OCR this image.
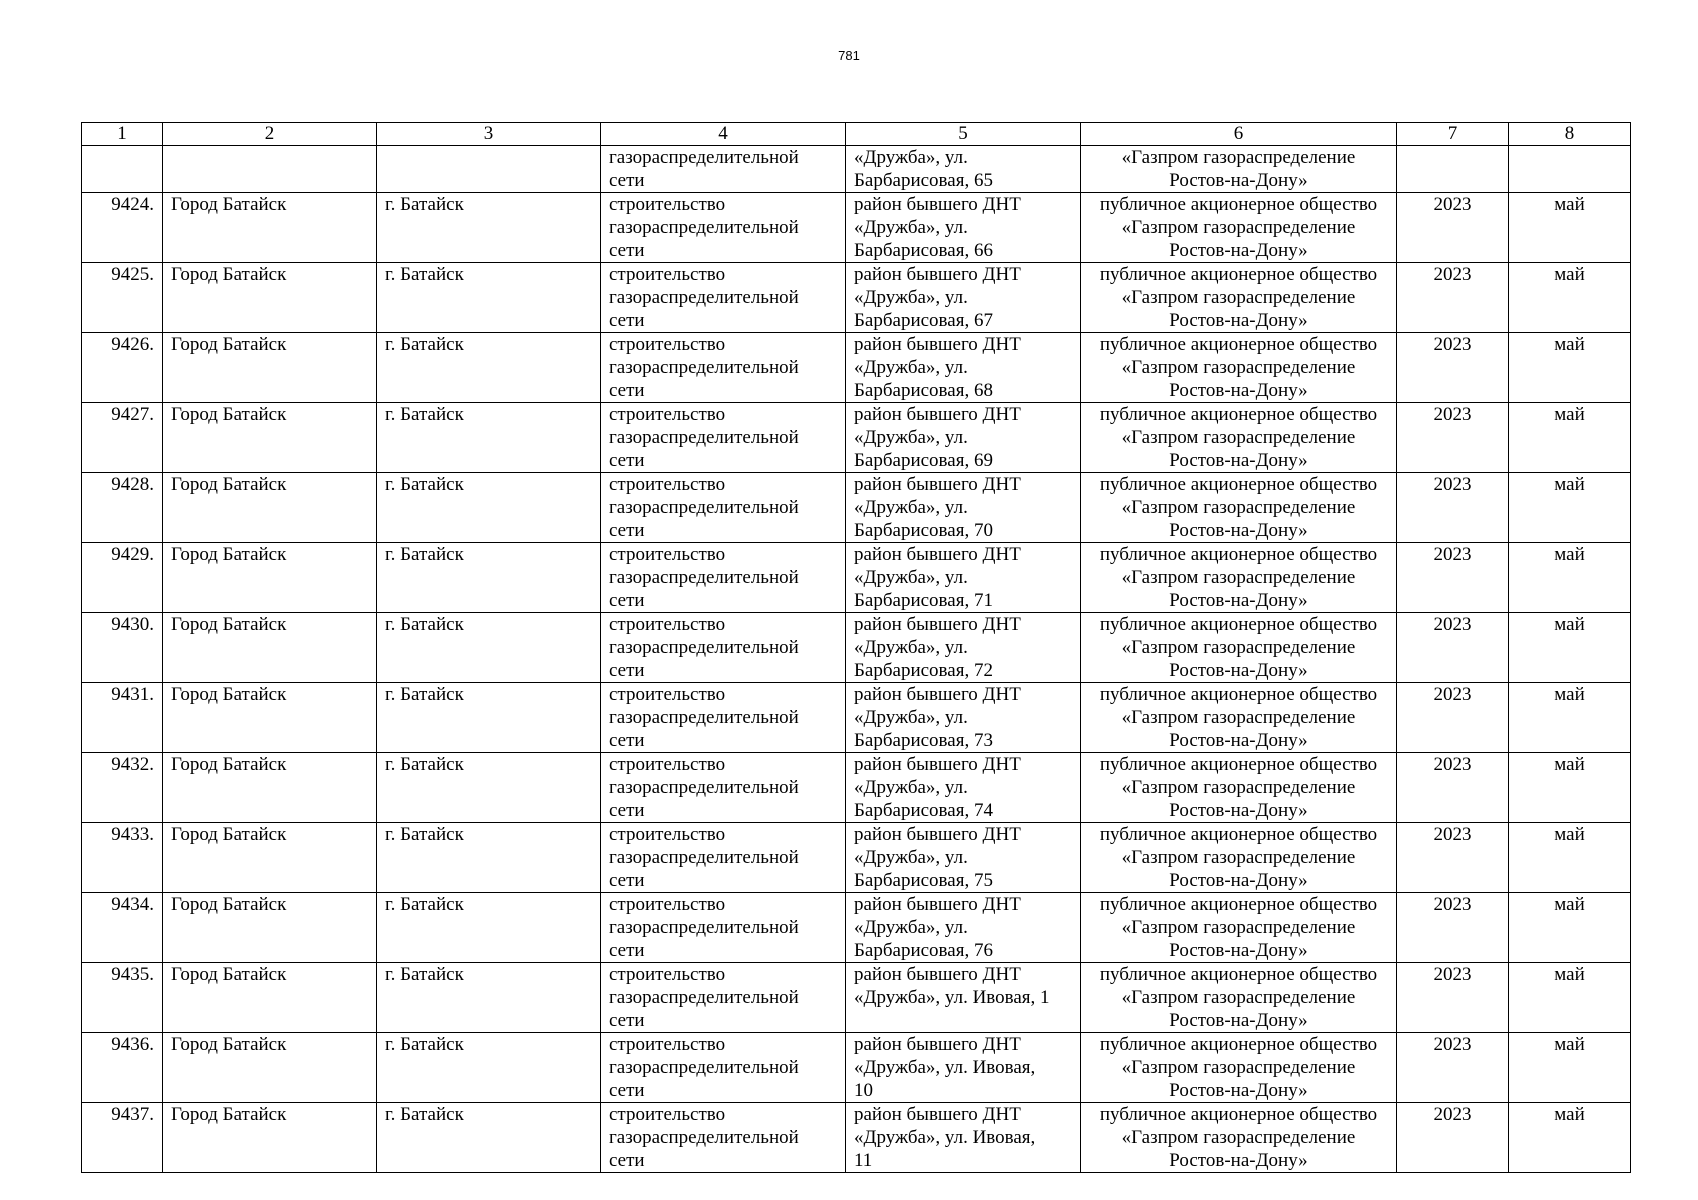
781
1	2	3	4	5	6	7	8
			газораспределительной
сети	«Дружба», ул.
Барбарисовая, 65	«Газпром газораспределение
Ростов-на-Дону»		
9424.	Город Батайск	г. Батайск	строительство
газораспределительной
сети	район бывшего ДНТ
«Дружба», ул.
Барбарисовая, 66	публичное акционерное общество
«Газпром газораспределение
Ростов-на-Дону»	2023	май
9425.	Город Батайск	г. Батайск	строительство
газораспределительной
сети	район бывшего ДНТ
«Дружба», ул.
Барбарисовая, 67	публичное акционерное общество
«Газпром газораспределение
Ростов-на-Дону»	2023	май
9426.	Город Батайск	г. Батайск	строительство
газораспределительной
сети	район бывшего ДНТ
«Дружба», ул.
Барбарисовая, 68	публичное акционерное общество
«Газпром газораспределение
Ростов-на-Дону»	2023	май
9427.	Город Батайск	г. Батайск	строительство
газораспределительной
сети	район бывшего ДНТ
«Дружба», ул.
Барбарисовая, 69	публичное акционерное общество
«Газпром газораспределение
Ростов-на-Дону»	2023	май
9428.	Город Батайск	г. Батайск	строительство
газораспределительной
сети	район бывшего ДНТ
«Дружба», ул.
Барбарисовая, 70	публичное акционерное общество
«Газпром газораспределение
Ростов-на-Дону»	2023	май
9429.	Город Батайск	г. Батайск	строительство
газораспределительной
сети	район бывшего ДНТ
«Дружба», ул.
Барбарисовая, 71	публичное акционерное общество
«Газпром газораспределение
Ростов-на-Дону»	2023	май
9430.	Город Батайск	г. Батайск	строительство
газораспределительной
сети	район бывшего ДНТ
«Дружба», ул.
Барбарисовая, 72	публичное акционерное общество
«Газпром газораспределение
Ростов-на-Дону»	2023	май
9431.	Город Батайск	г. Батайск	строительство
газораспределительной
сети	район бывшего ДНТ
«Дружба», ул.
Барбарисовая, 73	публичное акционерное общество
«Газпром газораспределение
Ростов-на-Дону»	2023	май
9432.	Город Батайск	г. Батайск	строительство
газораспределительной
сети	район бывшего ДНТ
«Дружба», ул.
Барбарисовая, 74	публичное акционерное общество
«Газпром газораспределение
Ростов-на-Дону»	2023	май
9433.	Город Батайск	г. Батайск	строительство
газораспределительной
сети	район бывшего ДНТ
«Дружба», ул.
Барбарисовая, 75	публичное акционерное общество
«Газпром газораспределение
Ростов-на-Дону»	2023	май
9434.	Город Батайск	г. Батайск	строительство
газораспределительной
сети	район бывшего ДНТ
«Дружба», ул.
Барбарисовая, 76	публичное акционерное общество
«Газпром газораспределение
Ростов-на-Дону»	2023	май
9435.	Город Батайск	г. Батайск	строительство
газораспределительной
сети	район бывшего ДНТ
«Дружба», ул. Ивовая, 1	публичное акционерное общество
«Газпром газораспределение
Ростов-на-Дону»	2023	май
9436.	Город Батайск	г. Батайск	строительство
газораспределительной
сети	район бывшего ДНТ
«Дружба», ул. Ивовая,
10	публичное акционерное общество
«Газпром газораспределение
Ростов-на-Дону»	2023	май
9437.	Город Батайск	г. Батайск	строительство
газораспределительной
сети	район бывшего ДНТ
«Дружба», ул. Ивовая,
11	публичное акционерное общество
«Газпром газораспределение
Ростов-на-Дону»	2023	май
